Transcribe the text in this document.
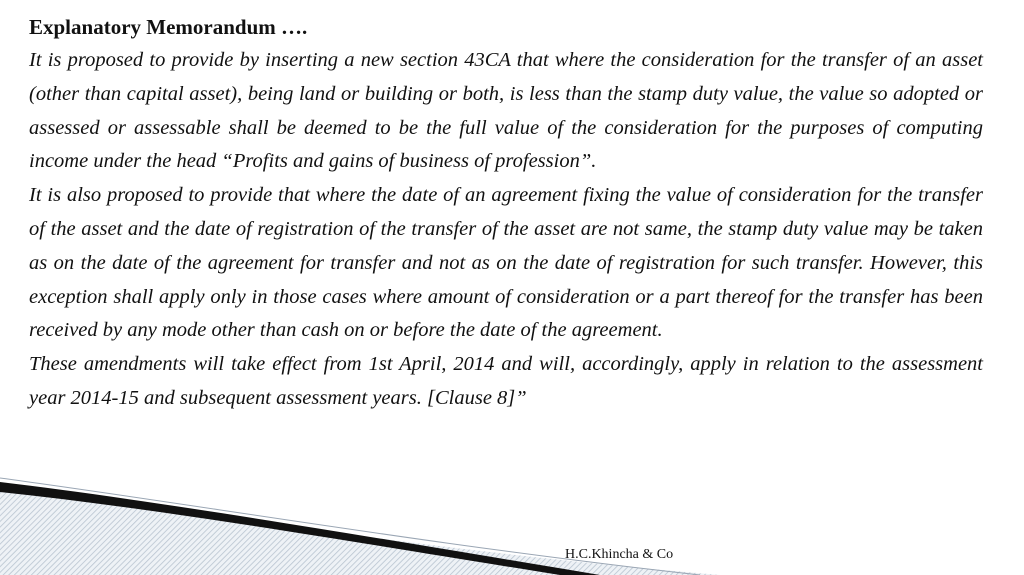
Explanatory Memorandum ….

It is proposed to provide by inserting a new section 43CA that where the consideration for the transfer of an asset (other than capital asset), being land or building or both, is less than the stamp duty value, the value so adopted or assessed or assessable shall be deemed to be the full value of the consideration for the purposes of computing income under the head “Profits and gains of business of profession”.

It is also proposed to provide that where the date of an agreement fixing the value of consideration for the transfer of the asset and the date of registration of the transfer of the asset are not same, the stamp duty value may be taken as on the date of the agreement for transfer and not as on the date of registration for such transfer. However, this exception shall apply only in those cases where amount of consideration or a part thereof for the transfer has been received by any mode other than cash on or before the date of the agreement.

These amendments will take effect from 1st April, 2014 and will, accordingly, apply in relation to the assessment year 2014-15 and subsequent assessment years. [Clause 8]”

H.C.Khincha & Co
